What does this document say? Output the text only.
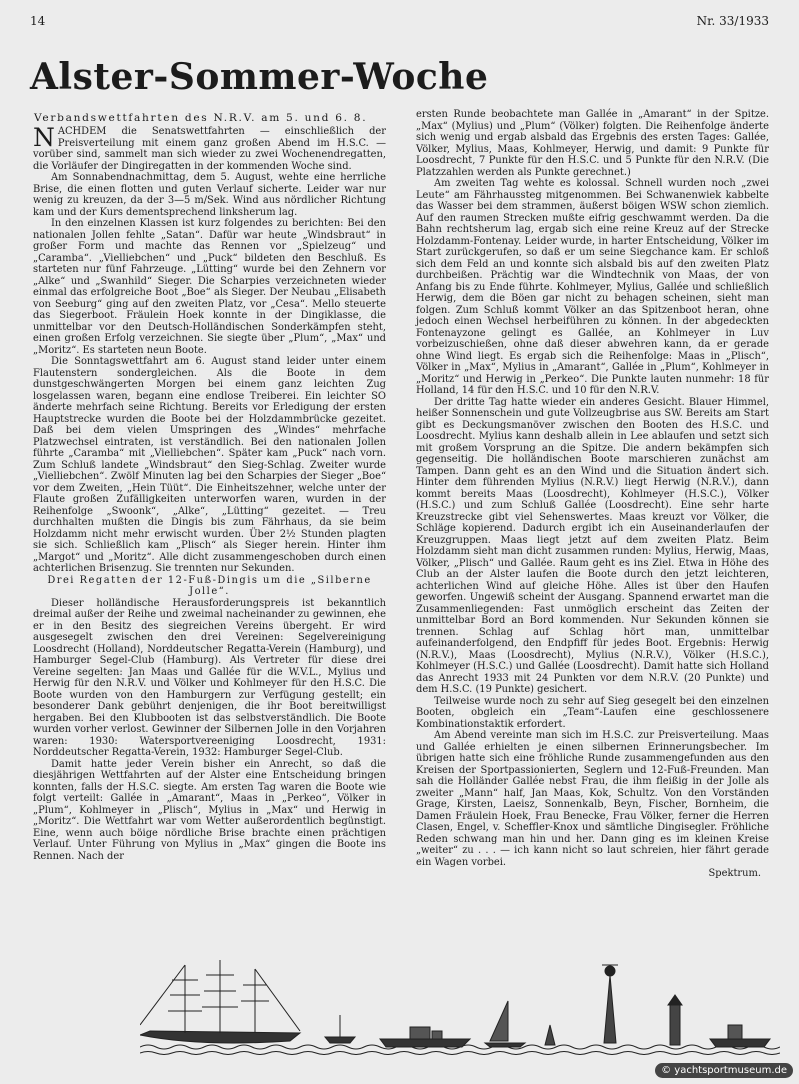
14	Nr. 33/1933
Alster-Sommer-Woche
Verbandswettfahrten des N.R.V. am 5. und 6. 8.

NACHDEM die Senatswettfahrten — einschließlich der Preisverteilung mit einem ganz großen Abend im H.S.C. — vorüber sind, sammelt man sich wieder zu zwei Wochenendregatten, die Vorläufer der Dingiregatten in der kommenden Woche sind.

Am Sonnabendnachmittag, dem 5. August, wehte eine herrliche Brise, die einen flotten und guten Verlauf sicherte. Leider war nur wenig zu kreuzen, da der 3—5 m/Sek. Wind aus nördlicher Richtung kam und der Kurs dementsprechend linksherum lag.

In den einzelnen Klassen ist kurz folgendes zu berichten: Bei den nationalen Jollen fehlte „Satan“. Dafür war heute „Windsbraut“ in großer Form und machte das Rennen vor „Spielzeug“ und „Caramba“. „Vielliebchen“ und „Puck“ bildeten den Beschluß. Es starteten nur fünf Fahrzeuge. „Lütting“ wurde bei den Zehnern vor „Alke“ und „Swanhild“ Sieger. Die Scharpies verzeichneten wieder einmal das erfolgreiche Boot „Boe“ als Sieger. Der Neubau „Elisabeth von Seeburg“ ging auf den zweiten Platz, vor „Cesa“. Mello steuerte das Siegerboot. Fräulein Hoek konnte in der Dingiklasse, die unmittelbar vor den Deutsch-Holländischen Sonderkämpfen steht, einen großen Erfolg verzeichnen. Sie siegte über „Plum“, „Max“ und „Moritz“. Es starteten neun Boote.

Die Sonntagswettfahrt am 6. August stand leider unter einem Flautenstern sondergleichen. Als die Boote in dem dunstgeschwängerten Morgen bei einem ganz leichten Zug losgelassen waren, begann eine endlose Treiberei. Ein leichter SO änderte mehrfach seine Richtung. Bereits vor Erledigung der ersten Hauptstrecke wurden die Boote bei der Holzdammbrücke gezeitet. Daß bei dem vielen Umspringen des „Windes“ mehrfache Platzwechsel eintraten, ist verständlich. Bei den nationalen Jollen führte „Caramba“ mit „Vielliebchen“. Später kam „Puck“ nach vorn. Zum Schluß landete „Windsbraut“ den Sieg-Schlag. Zweiter wurde „Vielliebchen“. Zwölf Minuten lag bei den Scharpies der Sieger „Boe“ vor dem Zweiten, „Hein Tüüt“. Die Einheitszehner, welche unter der Flaute großen Zufälligkeiten unterworfen waren, wurden in der Reihenfolge „Swoonk“, „Alke“, „Lütting“ gezeitet. — Treu durchhalten mußten die Dingis bis zum Fährhaus, da sie beim Holzdamm nicht mehr erwischt wurden. Über 2½ Stunden plagten sie sich. Schließlich kam „Plisch“ als Sieger herein. Hinter ihm „Margot“ und „Moritz“. Alle dicht zusammengeschoben durch einen achterlichen Brisenzug. Sie trennten nur Sekunden.

Drei Regatten der 12-Fuß-Dingis um die „Silberne Jolle“.

Dieser holländische Herausforderungspreis ist bekanntlich dreimal außer der Reihe und zweimal nacheinander zu gewinnen, ehe er in den Besitz des siegreichen Vereins übergeht. Er wird ausgesegelt zwischen den drei Vereinen: Segelvereinigung Loosdrecht (Holland), Norddeutscher Regatta-Verein (Hamburg), und Hamburger Segel-Club (Hamburg). Als Vertreter für diese drei Vereine segelten: Jan Maas und Gallée für die W.V.L., Mylius und Herwig für den N.R.V. und Völker und Kohlmeyer für den H.S.C. Die Boote wurden von den Hamburgern zur Verfügung gestellt; ein besonderer Dank gebührt denjenigen, die ihr Boot bereitwilligst hergaben. Bei den Klubbooten ist das selbstverständlich. Die Boote wurden vorher verlost. Gewinner der Silbernen Jolle in den Vorjahren waren: 1930: Watersportvereeniging Loosdrecht, 1931: Norddeutscher Regatta-Verein, 1932: Hamburger Segel-Club.

Damit hatte jeder Verein bisher ein Anrecht, so daß die diesjährigen Wettfahrten auf der Alster eine Entscheidung bringen konnten, falls der H.S.C. siegte. Am ersten Tag waren die Boote wie folgt verteilt: Gallée in „Amarant“, Maas in „Perkeo“, Völker in „Plum“, Kohlmeyer in „Plisch“, Mylius in „Max“ und Herwig in „Moritz“. Die Wettfahrt war vom Wetter außerordentlich begünstigt. Eine, wenn auch böige nördliche Brise brachte einen prächtigen Verlauf. Unter Führung von Mylius in „Max“ gingen die Boote ins Rennen. Nach der

ersten Runde beobachtete man Gallée in „Amarant“ in der Spitze. „Max“ (Mylius) und „Plum“ (Völker) folgten. Die Reihenfolge änderte sich wenig und ergab alsbald das Ergebnis des ersten Tages: Gallée, Völker, Mylius, Maas, Kohlmeyer, Herwig, und damit: 9 Punkte für Loosdrecht, 7 Punkte für den H.S.C. und 5 Punkte für den N.R.V. (Die Platzzahlen werden als Punkte gerechnet.)

Am zweiten Tag wehte es kolossal. Schnell wurden noch „zwei Leute“ am Fährhaussteg mitgenommen. Bei Schwanenwiek kabbelte das Wasser bei dem strammen, äußerst böigen WSW schon ziemlich. Auf den raumen Strecken mußte eifrig geschwammt werden. Da die Bahn rechtsherum lag, ergab sich eine reine Kreuz auf der Strecke Holzdamm-Fontenay. Leider wurde, in harter Entscheidung, Völker im Start zurückgerufen, so daß er um seine Siegchance kam. Er schloß sich dem Feld an und konnte sich alsbald bis auf den zweiten Platz durchbeißen. Prächtig war die Windtechnik von Maas, der von Anfang bis zu Ende führte. Kohlmeyer, Mylius, Gallée und schließlich Herwig, dem die Böen gar nicht zu behagen scheinen, sieht man folgen. Zum Schluß kommt Völker an das Spitzenboot heran, ohne jedoch einen Wechsel herbeiführen zu können. In der abgedeckten Fontenayzone gelingt es Gallée, an Kohlmeyer in Luv vorbeizuschießen, ohne daß dieser abwehren kann, da er gerade ohne Wind liegt. Es ergab sich die Reihenfolge: Maas in „Plisch“, Völker in „Max“, Mylius in „Amarant“, Gallée in „Plum“, Kohlmeyer in „Moritz“ und Herwig in „Perkeo“. Die Punkte lauten nunmehr: 18 für Holland, 14 für den H.S.C. und 10 für den N.R.V.

Der dritte Tag hatte wieder ein anderes Gesicht. Blauer Himmel, heißer Sonnenschein und gute Vollzeugbrise aus SW. Bereits am Start gibt es Deckungsmanöver zwischen den Booten des H.S.C. und Loosdrecht. Mylius kann deshalb allein in Lee ablaufen und setzt sich mit großem Vorsprung an die Spitze. Die andern bekämpfen sich gegenseitig. Die holländischen Boote marschieren zunächst am Tampen. Dann geht es an den Wind und die Situation ändert sich. Hinter dem führenden Mylius (N.R.V.) liegt Herwig (N.R.V.), dann kommt bereits Maas (Loosdrecht), Kohlmeyer (H.S.C.), Völker (H.S.C.) und zum Schluß Gallée (Loosdrecht). Eine sehr harte Kreuzstrecke gibt viel Sehenswertes. Maas kreuzt vor Völker, die Schläge kopierend. Dadurch ergibt ich ein Auseinanderlaufen der Kreuzgruppen. Maas liegt jetzt auf dem zweiten Platz. Beim Holzdamm sieht man dicht zusammen runden: Mylius, Herwig, Maas, Völker, „Plisch“ und Gallée. Raum geht es ins Ziel. Etwa in Höhe des Club an der Alster laufen die Boote durch den jetzt leichteren, achterlichen Wind auf gleiche Höhe. Alles ist über den Haufen geworfen. Ungewiß scheint der Ausgang. Spannend erwartet man die Zusammenliegenden: Fast unmöglich erscheint das Zeiten der unmittelbar Bord an Bord kommenden. Nur Sekunden können sie trennen. Schlag auf Schlag hört man, unmittelbar aufeinanderfolgend, den Endpfiff für jedes Boot. Ergebnis: Herwig (N.R.V.), Maas (Loosdrecht), Mylius (N.R.V.), Völker (H.S.C.), Kohlmeyer (H.S.C.) und Gallée (Loosdrecht). Damit hatte sich Holland das Anrecht 1933 mit 24 Punkten vor dem N.R.V. (20 Punkte) und dem H.S.C. (19 Punkte) gesichert.

Teilweise wurde noch zu sehr auf Sieg gesegelt bei den einzelnen Booten, obgleich ein „Team“-Laufen eine geschlossenere Kombinationstaktik erfordert.

Am Abend vereinte man sich im H.S.C. zur Preisverteilung. Maas und Gallée erhielten je einen silbernen Erinnerungsbecher. Im übrigen hatte sich eine fröhliche Runde zusammengefunden aus den Kreisen der Sportpassionierten, Seglern und 12-Fuß-Freunden. Man sah die Holländer Gallée nebst Frau, die ihm fleißig in der Jolle als zweiter „Mann“ half, Jan Maas, Kok, Schultz. Von den Vorständen Grage, Kirsten, Laeisz, Sonnenkalb, Beyn, Fischer, Bornheim, die Damen Fräulein Hoek, Frau Benecke, Frau Völker, ferner die Herren Clasen, Engel, v. Scheffler-Knox und sämtliche Dingisegler. Fröhliche Reden schwang man hin und her. Dann ging es im kleinen Kreise „weiter“ zu . . . — ich kann nicht so laut schreien, hier fährt gerade ein Wagen vorbei.

Spektrum.

© yachtsportmuseum.de
